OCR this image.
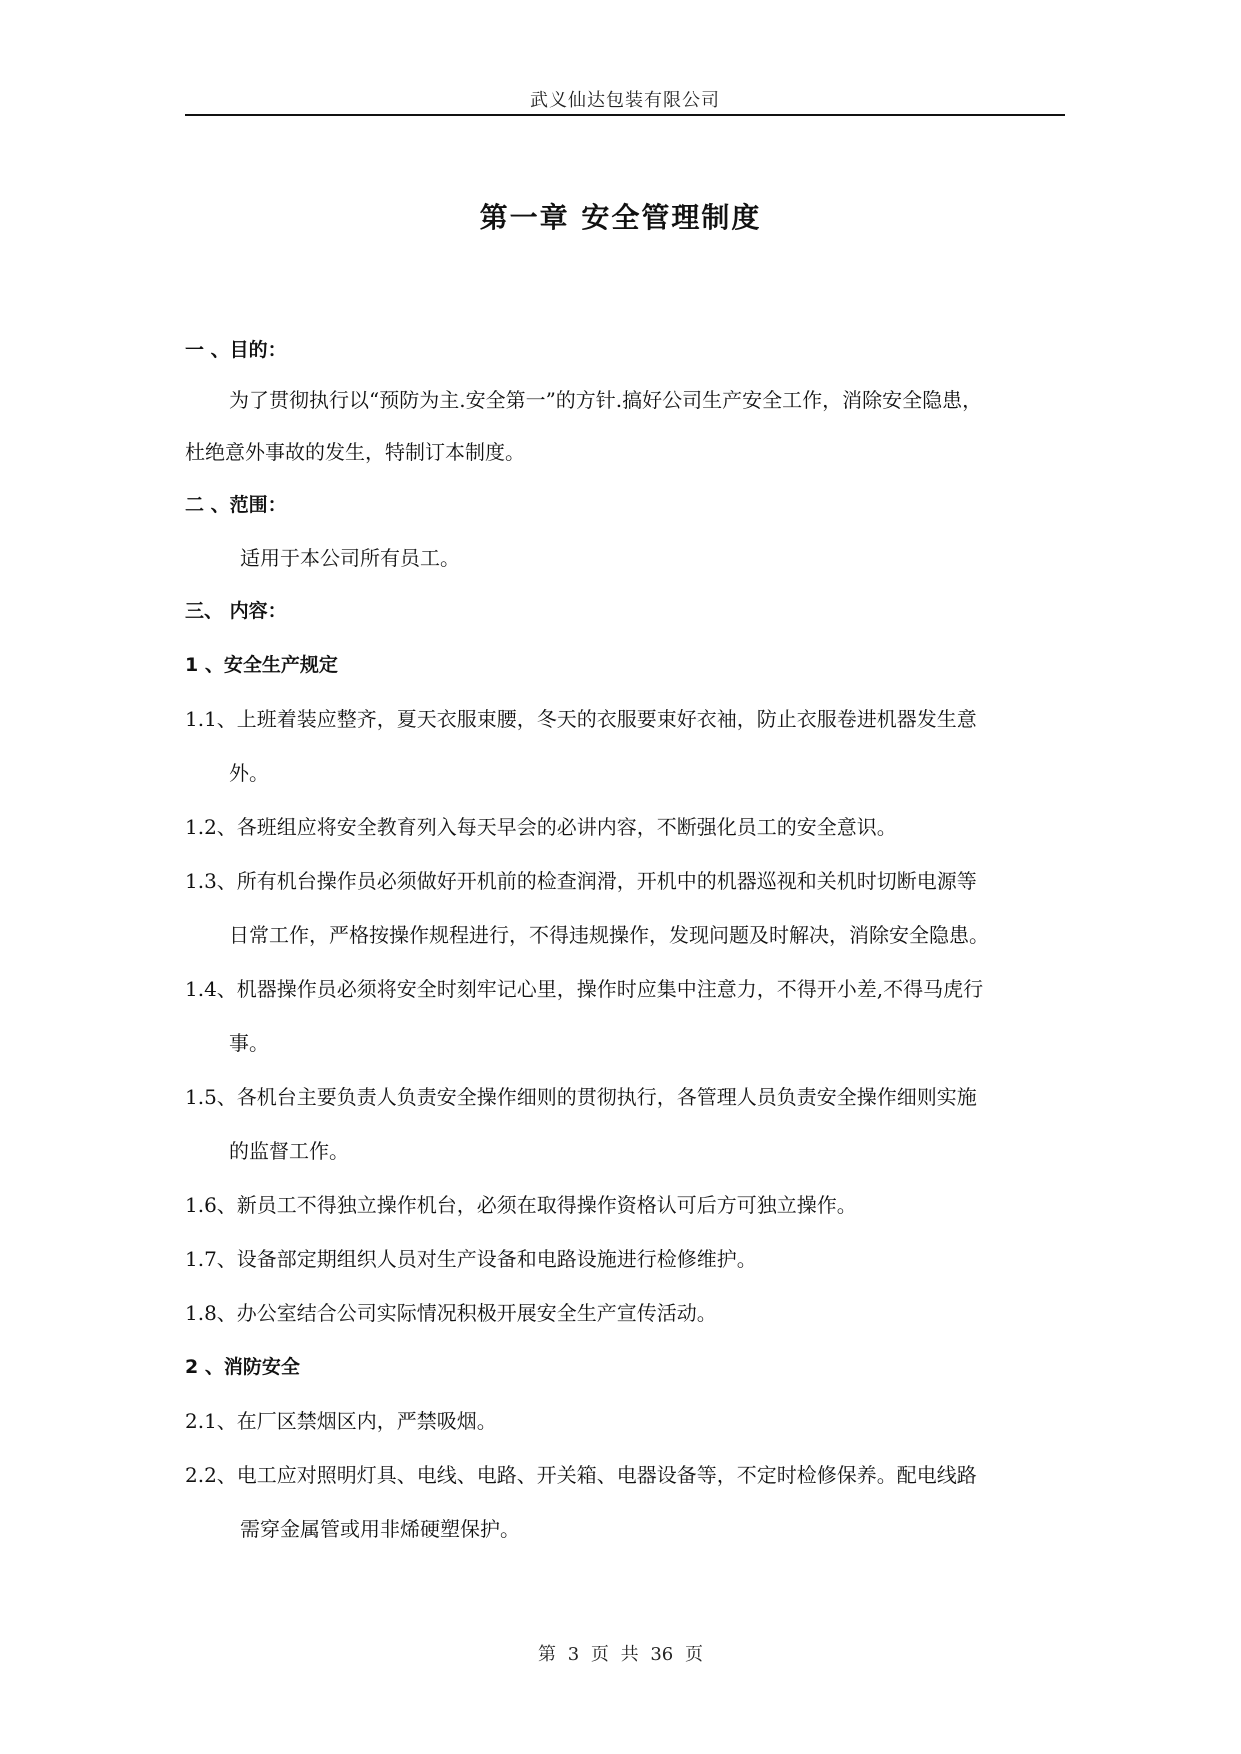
武义仙达包装有限公司
第一章 安全管理制度
一 、目的：
为了贯彻执行以“预防为主.安全第一”的方针.搞好公司生产安全工作，消除安全隐患，
杜绝意外事故的发生，特制订本制度。
二 、范围：
适用于本公司所有员工。
三、 内容：
1 、安全生产规定
1.1、上班着装应整齐，夏天衣服束腰，冬天的衣服要束好衣袖，防止衣服卷进机器发生意
外。
1.2、各班组应将安全教育列入每天早会的必讲内容，不断强化员工的安全意识。
1.3、所有机台操作员必须做好开机前的检查润滑，开机中的机器巡视和关机时切断电源等
日常工作，严格按操作规程进行，不得违规操作，发现问题及时解决，消除安全隐患。
1.4、机器操作员必须将安全时刻牢记心里，操作时应集中注意力，不得开小差,不得马虎行
事。
1.5、各机台主要负责人负责安全操作细则的贯彻执行，各管理人员负责安全操作细则实施
的监督工作。
1.6、新员工不得独立操作机台，必须在取得操作资格认可后方可独立操作。
1.7、设备部定期组织人员对生产设备和电路设施进行检修维护。
1.8、办公室结合公司实际情况积极开展安全生产宣传活动。
2 、消防安全
2.1、在厂区禁烟区内，严禁吸烟。
2.2、电工应对照明灯具、电线、电路、开关箱、电器设备等，不定时检修保养。配电线路
需穿金属管或用非烯硬塑保护。
第 3 页 共 36 页
